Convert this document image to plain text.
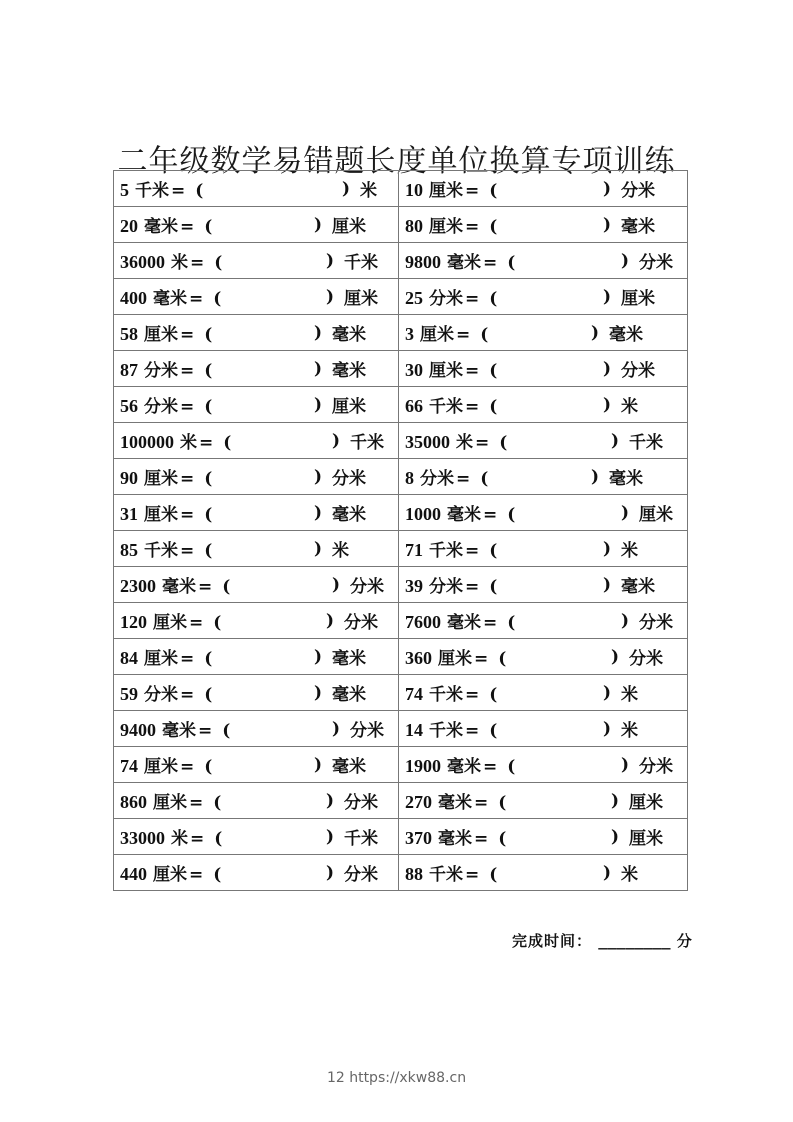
二年级数学易错题长度单位换算专项训练
5 千米 = ( ) 米	10 厘米 = ( ) 分米

20 毫米 = ( ) 厘米	80 厘米 = ( ) 毫米

36000 米 = ( ) 千米	9800 毫米 = ( ) 分米

400 毫米 = ( ) 厘米	25 分米 = ( ) 厘米

58 厘米 = ( ) 毫米	3 厘米 = ( ) 毫米

87 分米 = ( ) 毫米	30 厘米 = ( ) 分米

56 分米 = ( ) 厘米	66 千米 = ( ) 米

100000 米 = ( ) 千米	35000 米 = ( ) 千米

90 厘米 = ( ) 分米	8 分米 = ( ) 毫米

31 厘米 = ( ) 毫米	1000 毫米 = ( ) 厘米

85 千米 = ( ) 米	71 千米 = ( ) 米

2300 毫米 = ( ) 分米	39 分米 = ( ) 毫米

120 厘米 = ( ) 分米	7600 毫米 = ( ) 分米

84 厘米 = ( ) 毫米	360 厘米 = ( ) 分米

59 分米 = ( ) 毫米	74 千米 = ( ) 米

9400 毫米 = ( ) 分米	14 千米 = ( ) 米

74 厘米 = ( ) 毫米	1900 毫米 = ( ) 分米

860 厘米 = ( ) 分米	270 毫米 = ( ) 厘米

33000 米 = ( ) 千米	370 毫米 = ( ) 厘米

440 厘米 = ( ) 分米	88 千米 = ( ) 米
完成时间： ________ 分
12 https://xkw88.cn
